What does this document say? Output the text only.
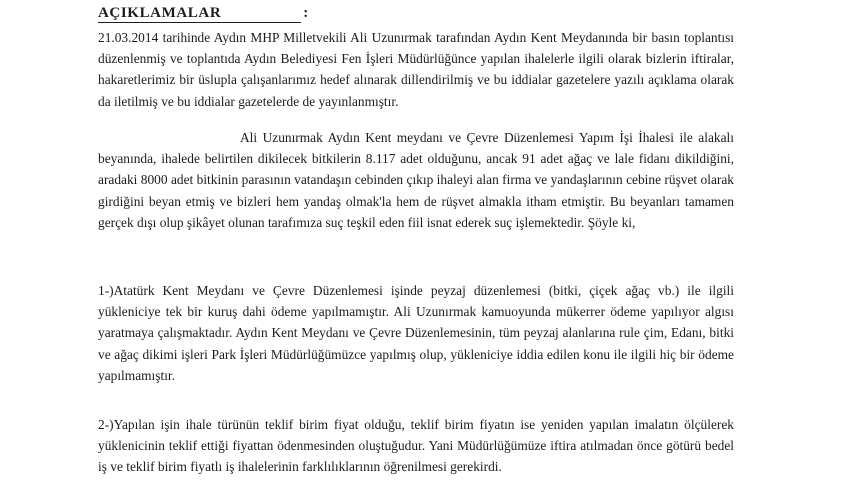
AÇIKLAMALAR	:
21.03.2014 tarihinde Aydın MHP Milletvekili Ali Uzunırmak tarafından Aydın Kent Meydanında bir basın toplantısı düzenlenmiş ve toplantıda Aydın Belediyesi Fen İşleri Müdürlüğünce yapılan ihalelerle ilgili olarak bizlerin iftiralar, hakaretlerimiz bir üslupla çalışanlarımız hedef alınarak dillendirilmiş ve bu iddialar gazetelere yazılı açıklama olarak da iletilmiş ve bu iddialar gazetelerde de yayınlanmıştır.
Ali Uzunırmak Aydın Kent meydanı ve Çevre Düzenlemesi Yapım İşi İhalesi ile alakalı beyanında, ihalede belirtilen dikilecek bitkilerin 8.117 adet olduğunu, ancak 91 adet ağaç ve lale fidanı dikildiğini, aradaki 8000 adet bitkinin parasının vatandaşın cebinden çıkıp ihaleyi alan firma ve yandaşlarının cebine rüşvet olarak girdiğini beyan etmiş ve bizleri hem yandaş olmak'la hem de rüşvet almakla itham etmiştir. Bu beyanları tamamen gerçek dışı olup şikâyet olunan tarafımıza suç teşkil eden fiil isnat ederek suç işlemektedir. Şöyle ki,
1-)Atatürk Kent Meydanı ve Çevre Düzenlemesi işinde peyzaj düzenlemesi (bitki, çiçek ağaç vb.) ile ilgili yükleniciye tek bir kuruş dahi ödeme yapılmamıştır. Ali Uzunırmak kamuoyunda mükerrer ödeme yapılıyor algısı yaratmaya çalışmaktadır. Aydın Kent Meydanı ve Çevre Düzenlemesinin, tüm peyzaj alanlarına rule çim, Edanı, bitki ve ağaç dikimi işleri Park İşleri Müdürlüğümüzce yapılmış olup, yükleniciye iddia edilen konu ile ilgili hiç bir ödeme yapılmamıştır.
2-)Yapılan işin ihale türünün teklif birim fiyat olduğu, teklif birim fiyatın ise yeniden yapılan imalatın ölçülerek yüklenicinin teklif ettiği fiyattan ödenmesinden oluştuğudur. Yani Müdürlüğümüze iftira atılmadan önce götürü bedel iş ve teklif birim fiyatlı iş ihalelerinin farklılıklarının öğrenilmesi gerekirdi.
